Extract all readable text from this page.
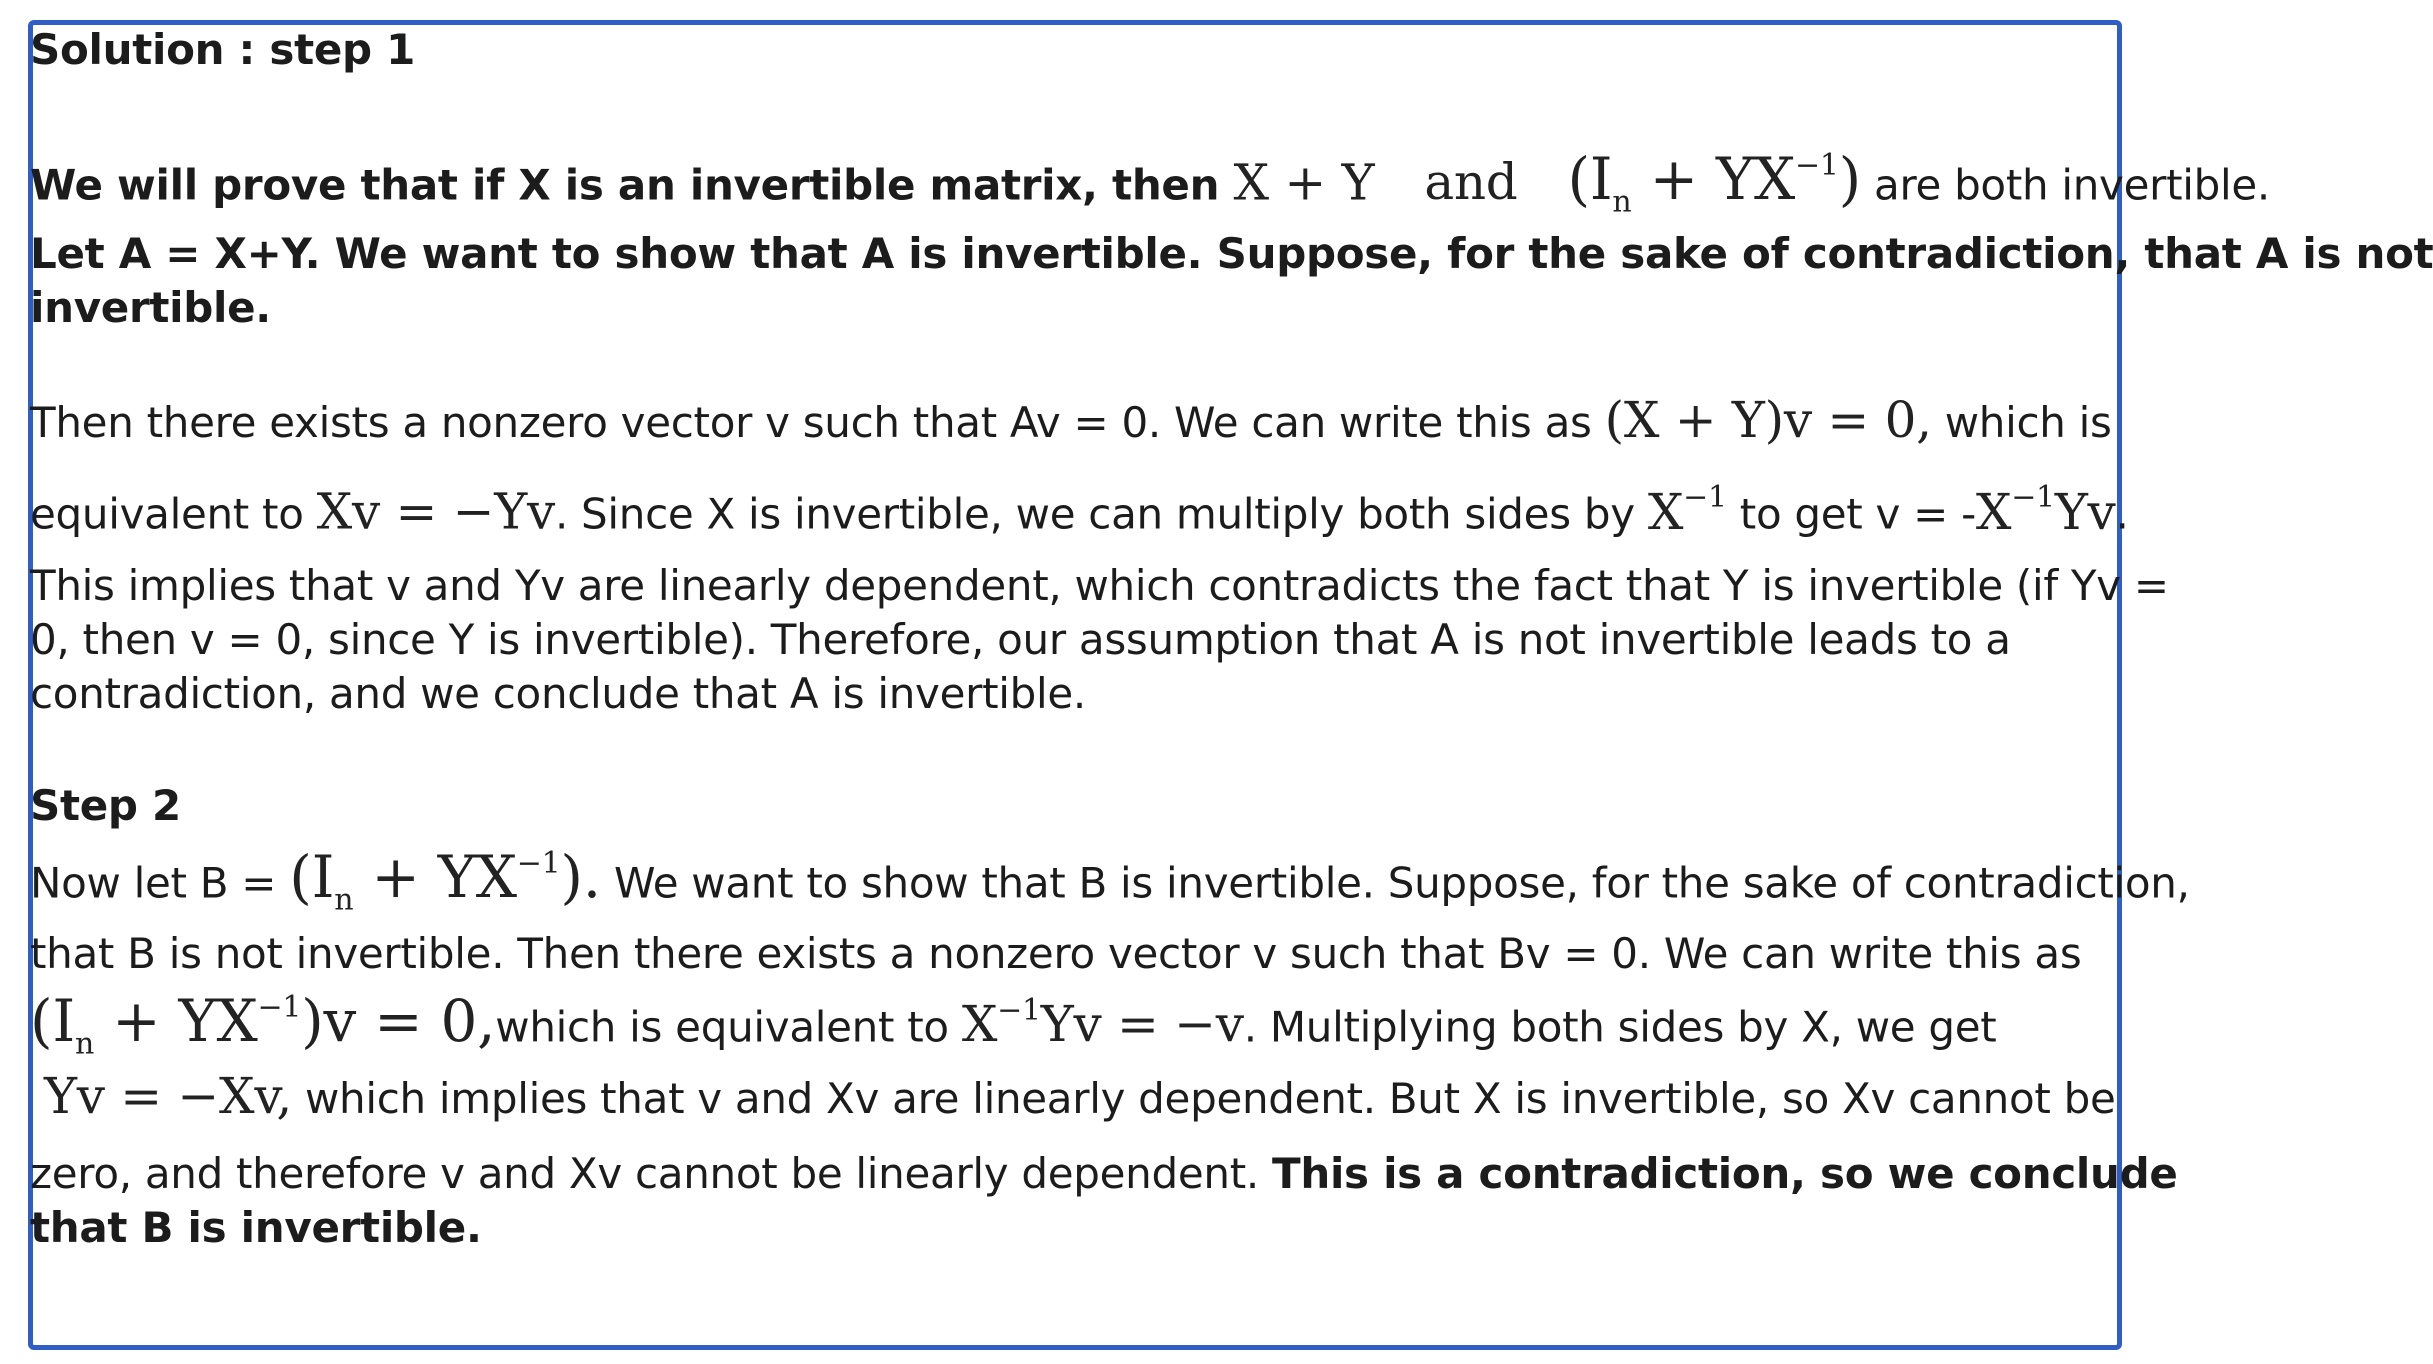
Solution : step 1
We will prove that if X is an invertible matrix, then X + Y and $(I_n + YX^{-1})$ are both invertible.
Let A = X+Y. We want to show that A is invertible. Suppose, for the sake of contradiction, that A is not
invertible.
Then there exists a nonzero vector v such that Av = 0. We can write this as (X + Y)v = 0, which is
equivalent to Xv = −Yv. Since X is invertible, we can multiply both sides by $X^{-1}$ to get $v = -X^{-1}Yv$.
This implies that v and Yv are linearly dependent, which contradicts the fact that Y is invertible (if Yv =
0, then v = 0, since Y is invertible). Therefore, our assumption that A is not invertible leads to a
contradiction, and we conclude that A is invertible.
Step 2
Now let $B = (I_n + YX^{-1})$. We want to show that B is invertible. Suppose, for the sake of contradiction,
that B is not invertible. Then there exists a nonzero vector v such that Bv = 0. We can write this as
$(I_n + YX^{-1})v$ = 0,which is equivalent to $X^{-1}Yv = -v$. Multiplying both sides by X, we get
Yv = −Xv, which implies that v and Xv are linearly dependent. But X is invertible, so Xv cannot be
zero, and therefore v and Xv cannot be linearly dependent. This is a contradiction, so we conclude
that B is invertible.
